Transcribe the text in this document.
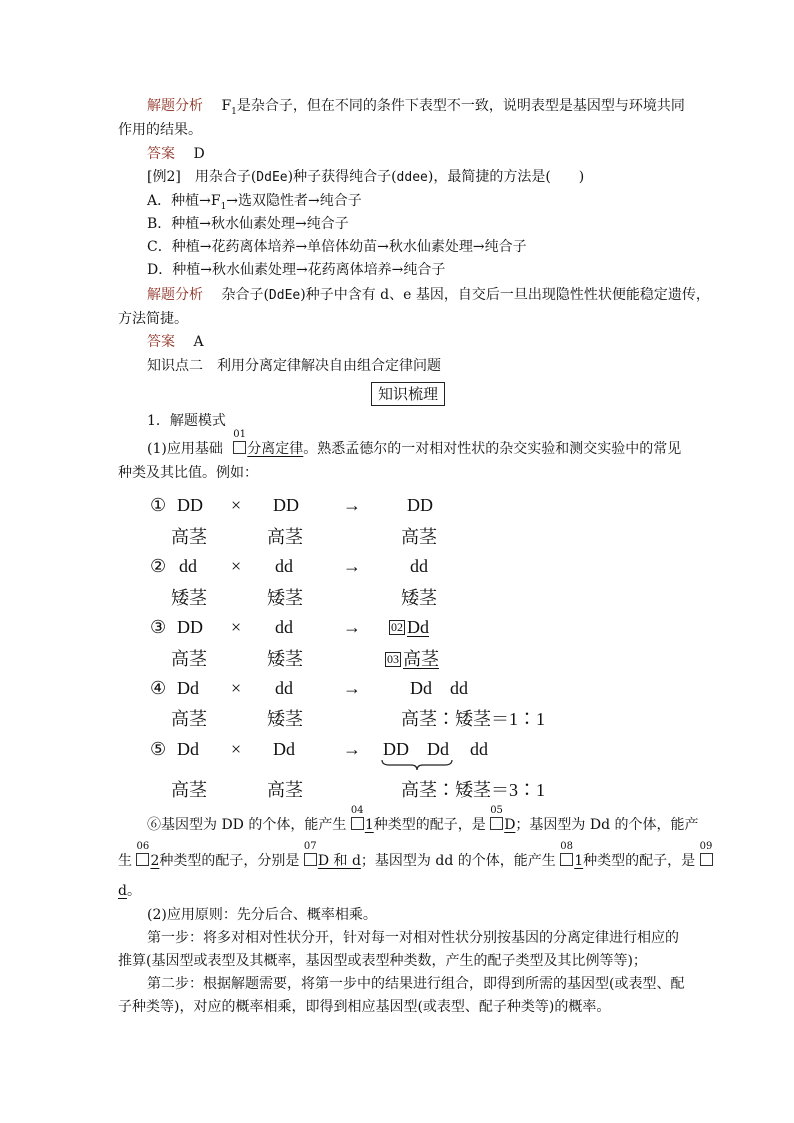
解题分析 $F_1$是杂合子，但在不同的条件下表型不一致，说明表型是基因型与环境共同
作用的结果。
答案 D
[例2]　用杂合子(DdEe)种子获得纯合子(ddee)，最简捷的方法是(　　)
A．种植$\to F_1\to$选双隐性者→纯合子
B．种植→秋水仙素处理→纯合子
C．种植→花药离体培养→单倍体幼苗→秋水仙素处理→纯合子
D．种植→秋水仙素处理→花药离体培养→纯合子
解题分析 杂合子(DdEe)种子中含有 d、e 基因，自交后一旦出现隐性性状便能稳定遗传，
方法简捷。
答案 A
知识点二　利用分离定律解决自由组合定律问题
知识梳理
1．解题模式
(1)应用基础
01
分离定律。熟悉孟德尔的一对相对性状的杂交实验和测交实验中的常见
种类及其比值。例如：
① DD × DD →	DD
高茎	高茎	高茎
② dd × dd	→	dd
矮茎	矮茎	矮茎
③ DD × dd	→	02 Dd
高茎	矮茎	03 高茎
④ Dd × dd	→	Dd　dd
高茎	矮茎	高茎∶矮茎＝1∶1
⑤ Dd × Dd	→ DD　Dd dd
高茎	高茎	高茎∶矮茎＝3∶1
⑥基因型为 DD 的个体，能产生
04
1种类型的配子，是
05
D；基因型为 Dd 的个体，能产
生
06
2种类型的配子，分别是
07
D 和 d；基因型为 dd 的个体，能产生
08
1种类型的配子，是
09
d。
(2)应用原则：先分后合、概率相乘。
第一步：将多对相对性状分开，针对每一对相对性状分别按基因的分离定律进行相应的
推算(基因型或表型及其概率，基因型或表型种类数，产生的配子类型及其比例等等)；
第二步：根据解题需要，将第一步中的结果进行组合，即得到所需的基因型(或表型、配
子种类等)，对应的概率相乘，即得到相应基因型(或表型、配子种类等)的概率。
